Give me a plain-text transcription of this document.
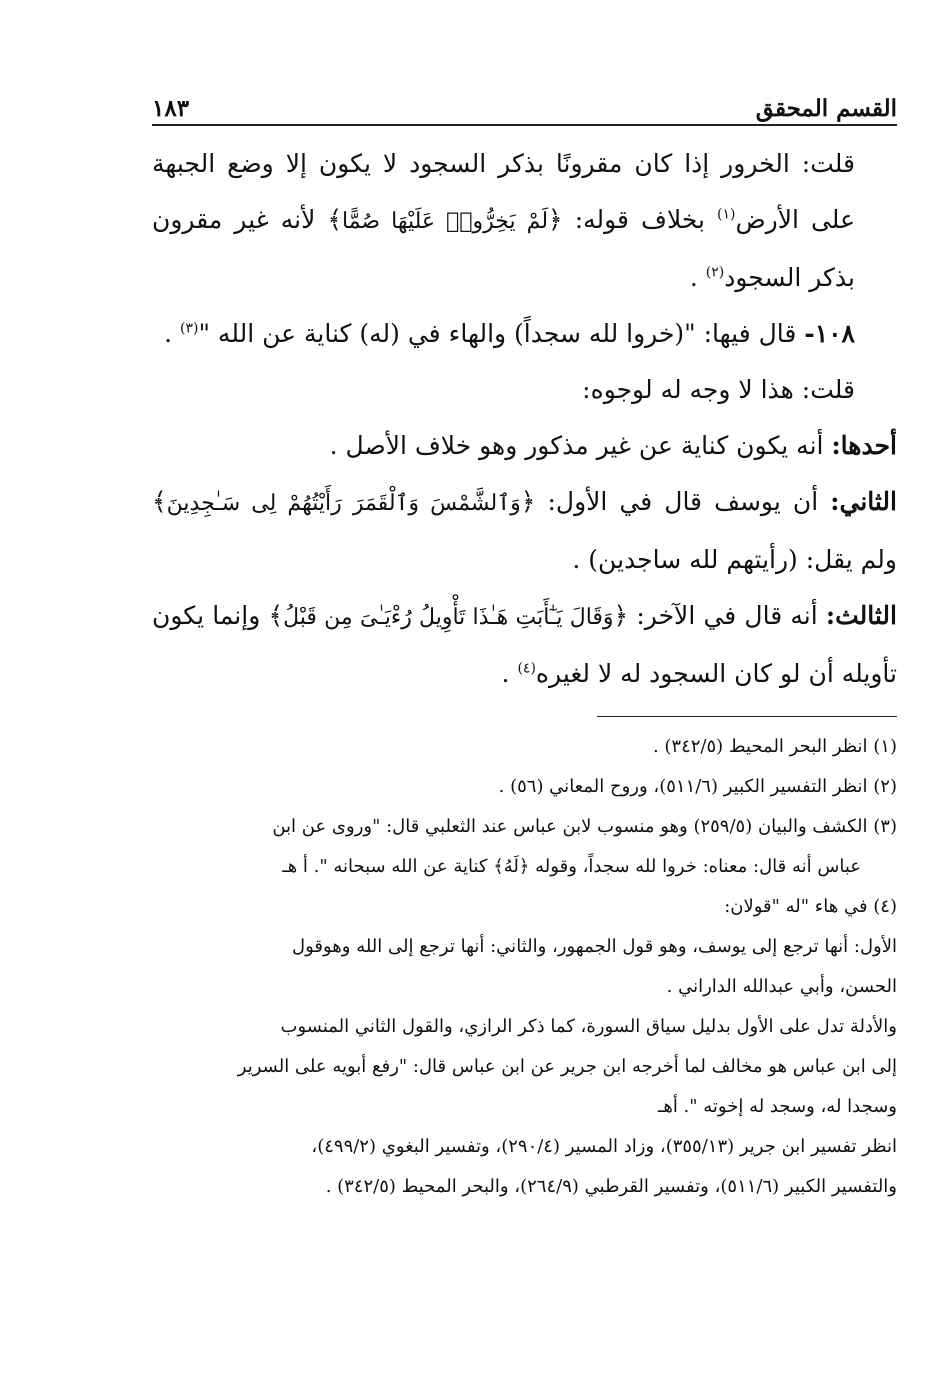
القسم المحقق
١٨٣

قلت: الخرور إذا كان مقرونًا بذكر السجود لا يكون إلا وضع الجبهة على الأرض$^{(١)}$ بخلاف قوله: ﴿لَمْ يَخِرُّوا۟ عَلَيْهَا صُمًّا﴾ لأنه غير مقرون بذكر السجود$^{(٢)}$ .

١٠٨- قال فيها: "(خروا لله سجداً) والهاء في (له) كناية عن الله "$^{(٣)}$ .

قلت: هذا لا وجه له لوجوه:

أحدها: أنه يكون كناية عن غير مذكور وهو خلاف الأصل .

الثاني: أن يوسف قال في الأول: ﴿وَٱلشَّمْسَ وَٱلْقَمَرَ رَأَيْتُهُمْ لِى سَـٰجِدِينَ﴾ ولم يقل: (رأيتهم لله ساجدين) .

الثالث: أنه قال في الآخر: ﴿وَقَالَ يَـٰٓأَبَتِ هَـٰذَا تَأْوِيلُ رُءْيَـٰىَ مِن قَبْلُ﴾ وإنما يكون تأويله أن لو كان السجود له لا لغيره$^{(٤)}$ .

(١) انظر البحر المحيط (٣٤٢/٥) .

(٢) انظر التفسير الكبير (٥١١/٦)، وروح المعاني (٥٦) .

(٣) الكشف والبيان (٢٥٩/٥) وهو منسوب لابن عباس عند الثعلبي قال: "وروى عن ابن

عباس أنه قال: معناه: خروا لله سجداً، وقوله ﴿لَهُ﴾ كناية عن الله سبحانه ". أ هـ

(٤) في هاء "له "قولان:

الأول: أنها ترجع إلى يوسف، وهو قول الجمهور، والثاني: أنها ترجع إلى الله وهوقول

الحسن، وأبي عبدالله الداراني .

والأدلة تدل على الأول بدليل سياق السورة، كما ذكر الرازي، والقول الثاني المنسوب

إلى ابن عباس هو مخالف لما أخرجه ابن جرير عن ابن عباس قال: "رفع أبويه على السرير

وسجدا له، وسجد له إخوته ". أهـ

انظر تفسير ابن جرير (٣٥٥/١٣)، وزاد المسير (٢٩٠/٤)، وتفسير البغوي (٤٩٩/٢)،

والتفسير الكبير (٥١١/٦)، وتفسير القرطبي (٢٦٤/٩)، والبحر المحيط (٣٤٢/٥) .
